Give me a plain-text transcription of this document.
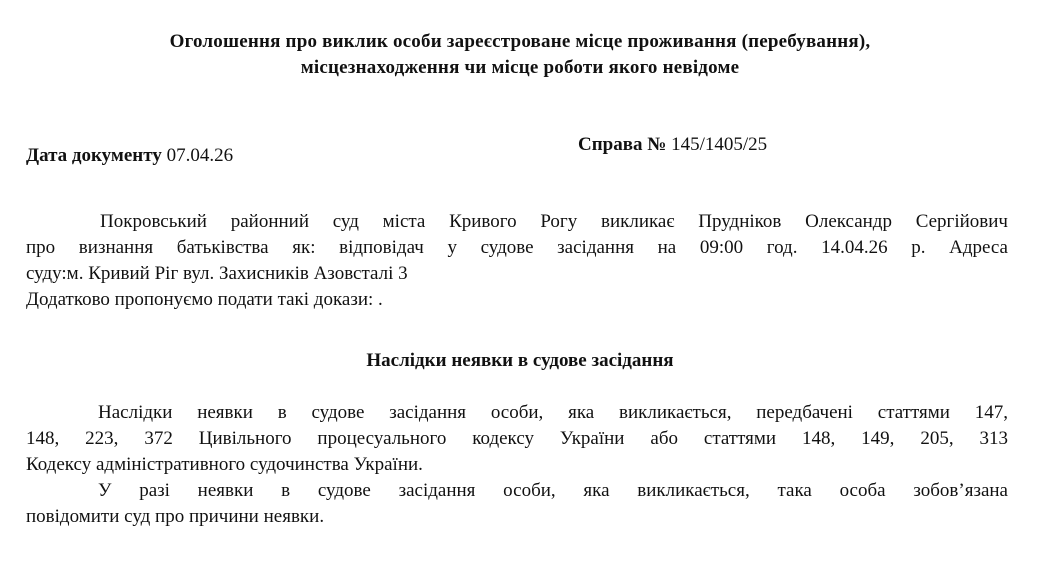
Оголошення про виклик особи зареєстроване місце проживання (перебування),
місцезнаходження чи місце роботи якого невідоме
Дата документу 07.04.26
Справа № 145/1405/25
Покровський районний суд міста Кривого Рогу викликає Прудніков Олександр Сергійович
про визнання батьківства як: відповідач у судове засідання на 09:00 год. 14.04.26 р. Адреса
суду:м. Кривий Ріг вул. Захисників Азовсталі 3
Додатково пропонуємо подати такі докази: .
Наслідки неявки в судове засідання
Наслідки неявки в судове засідання особи, яка викликається, передбачені статтями 147,
148, 223, 372 Цивільного процесуального кодексу України або статтями 148, 149, 205, 313
Кодексу адміністративного судочинства України.
У разі неявки в судове засідання особи, яка викликається, така особа зобов’язана
повідомити суд про причини неявки.
